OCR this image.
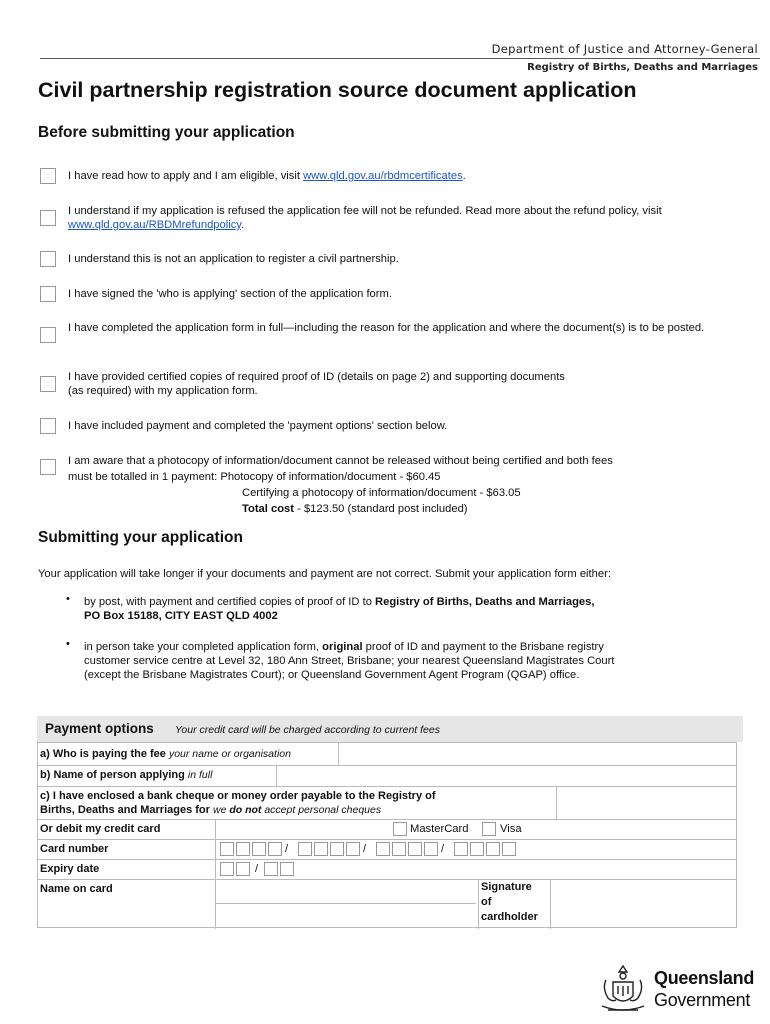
Department of Justice and Attorney-General
Registry of Births, Deaths and Marriages
Civil partnership registration source document application
Before submitting your application
I have read how to apply and I am eligible, visit www.qld.gov.au/rbdmcertificates.
I understand if my application is refused the application fee will not be refunded. Read more about the refund policy, visit www.qld.gov.au/RBDMrefundpolicy.
I understand this is not an application to register a civil partnership.
I have signed the 'who is applying' section of the application form.
I have completed the application form in full—including the reason for the application and where the document(s) is to be posted.
I have provided certified copies of required proof of ID (details on page 2) and supporting documents
(as required) with my application form.
I have included payment and completed the 'payment options' section below.
I am aware that a photocopy of information/document cannot be released without being certified and both fees
must be totalled in 1 payment: Photocopy of information/document - $60.45
Certifying a photocopy of information/document - $63.05
Total cost - $123.50 (standard post included)
Submitting your application
Your application will take longer if your documents and payment are not correct. Submit your application form either:
•	by post, with payment and certified copies of proof of ID to Registry of Births, Deaths and Marriages,
PO Box 15188, CITY EAST QLD 4002
•	in person take your completed application form, original proof of ID and payment to the Brisbane registry
customer service centre at Level 32, 180 Ann Street, Brisbane; your nearest Queensland Magistrates Court
(except the Brisbane Magistrates Court); or Queensland Government Agent Program (QGAP) office.
Payment options Your credit card will be charged according to current fees
a) Who is paying the fee your name or organisation
b) Name of person applying in full
c) I have enclosed a bank cheque or money order payable to the Registry of
Births, Deaths and Marriages for we do not accept personal cheques
Or debit my credit card	MasterCard	Visa
Card number	/	/	/
Expiry date	/
Name on card	Signature
of
cardholder
Queensland
Government
